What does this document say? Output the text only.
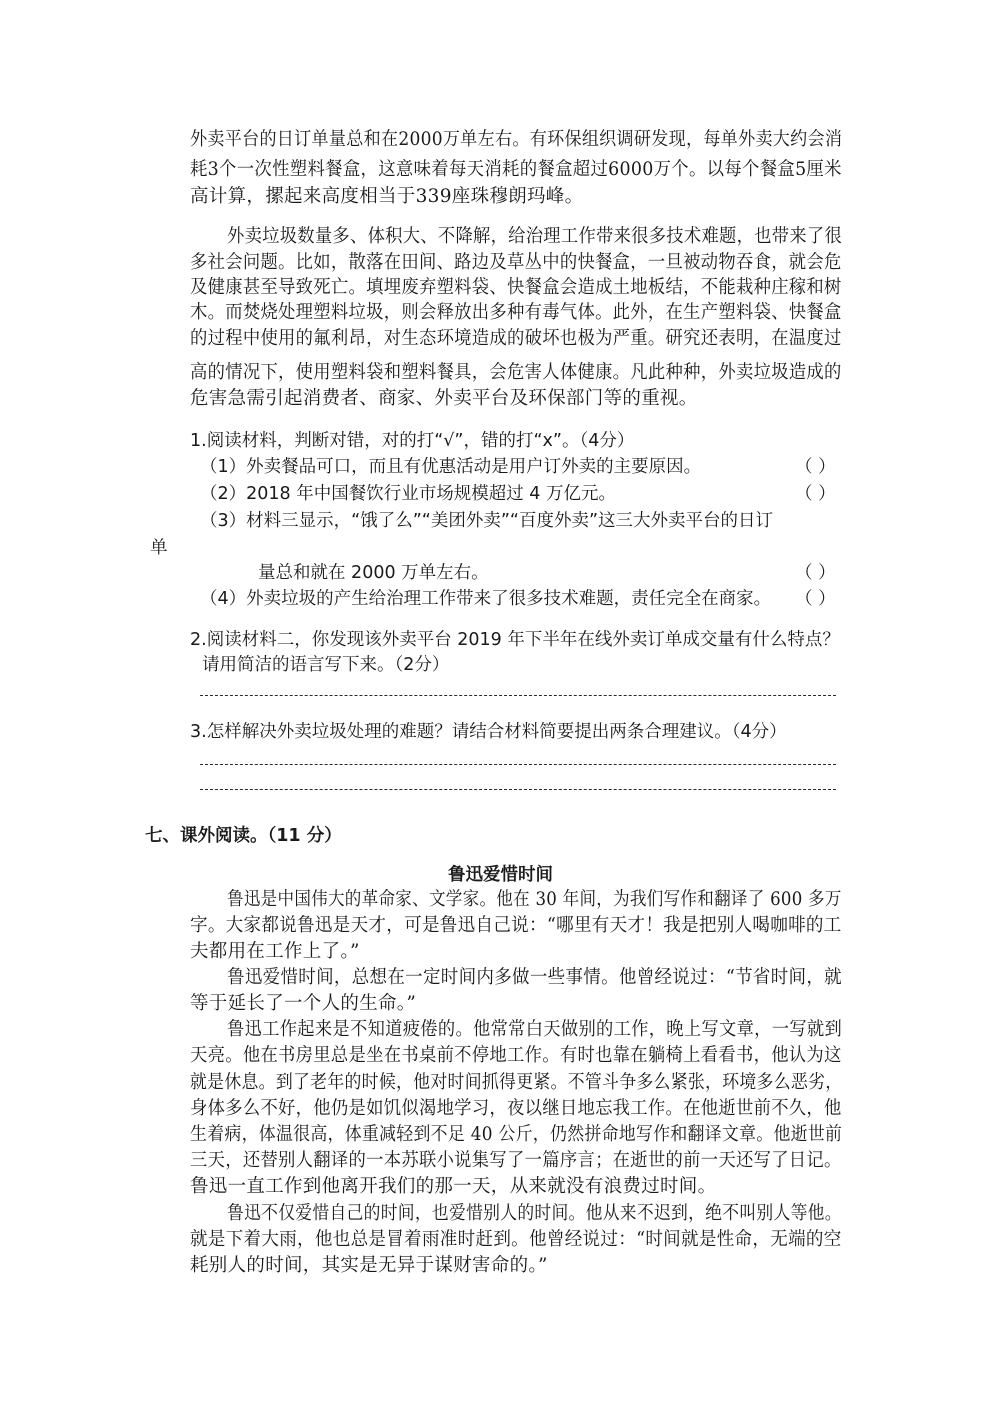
外卖平台的日订单量总和在2000万单左右。有环保组织调研发现，每单外卖大约会消
耗3个一次性塑料餐盒，这意味着每天消耗的餐盒超过6000万个。以每个餐盒5厘米
高计算，摞起来高度相当于339座珠穆朗玛峰。
外卖垃圾数量多、体积大、不降解，给治理工作带来很多技术难题，也带来了很
多社会问题。比如，散落在田间、路边及草丛中的快餐盒，一旦被动物吞食，就会危
及健康甚至导致死亡。填埋废弃塑料袋、快餐盒会造成土地板结，不能栽种庄稼和树
木。而焚烧处理塑料垃圾，则会释放出多种有毒气体。此外，在生产塑料袋、快餐盒
的过程中使用的氟利昂，对生态环境造成的破坏也极为严重。研究还表明，在温度过
高的情况下，使用塑料袋和塑料餐具，会危害人体健康。凡此种种，外卖垃圾造成的
危害急需引起消费者、商家、外卖平台及环保部门等的重视。
1.阅读材料，判断对错，对的打“√”，错的打“x”。（4分）
（1）外卖餐品可口，而且有优惠活动是用户订外卖的主要原因。	（ ）
（2）2018 年中国餐饮行业市场规模超过 4 万亿元。	（ ）
（3）材料三显示，“饿了么”“美团外卖”“百度外卖”这三大外卖平台的日订
单
量总和就在 2000 万单左右。	（ ）
（4）外卖垃圾的产生给治理工作带来了很多技术难题，责任完全在商家。 （ ）
2.阅读材料二，你发现该外卖平台 2019 年下半年在线外卖订单成交量有什么特点？
请用简洁的语言写下来。（2分）
3.怎样解决外卖垃圾处理的难题？请结合材料简要提出两条合理建议。（4分）
七、课外阅读。（11 分）
鲁迅爱惜时间
鲁迅是中国伟大的革命家、文学家。他在 30 年间，为我们写作和翻译了 600 多万
字。大家都说鲁迅是天才，可是鲁迅自己说：“哪里有天才！我是把别人喝咖啡的工
夫都用在工作上了。”
鲁迅爱惜时间，总想在一定时间内多做一些事情。他曾经说过：“节省时间，就
等于延长了一个人的生命。”
鲁迅工作起来是不知道疲倦的。他常常白天做别的工作，晚上写文章，一写就到
天亮。他在书房里总是坐在书桌前不停地工作。有时也靠在躺椅上看看书，他认为这
就是休息。到了老年的时候，他对时间抓得更紧。不管斗争多么紧张，环境多么恶劣，
身体多么不好，他仍是如饥似渴地学习，夜以继日地忘我工作。在他逝世前不久，他
生着病，体温很高，体重减轻到不足 40 公斤，仍然拼命地写作和翻译文章。他逝世前
三天，还替别人翻译的一本苏联小说集写了一篇序言；在逝世的前一天还写了日记。
鲁迅一直工作到他离开我们的那一天，从来就没有浪费过时间。
鲁迅不仅爱惜自己的时间，也爱惜别人的时间。他从来不迟到，绝不叫别人等他。
就是下着大雨，他也总是冒着雨准时赶到。他曾经说过：“时间就是性命，无端的空
耗别人的时间，其实是无异于谋财害命的。”
